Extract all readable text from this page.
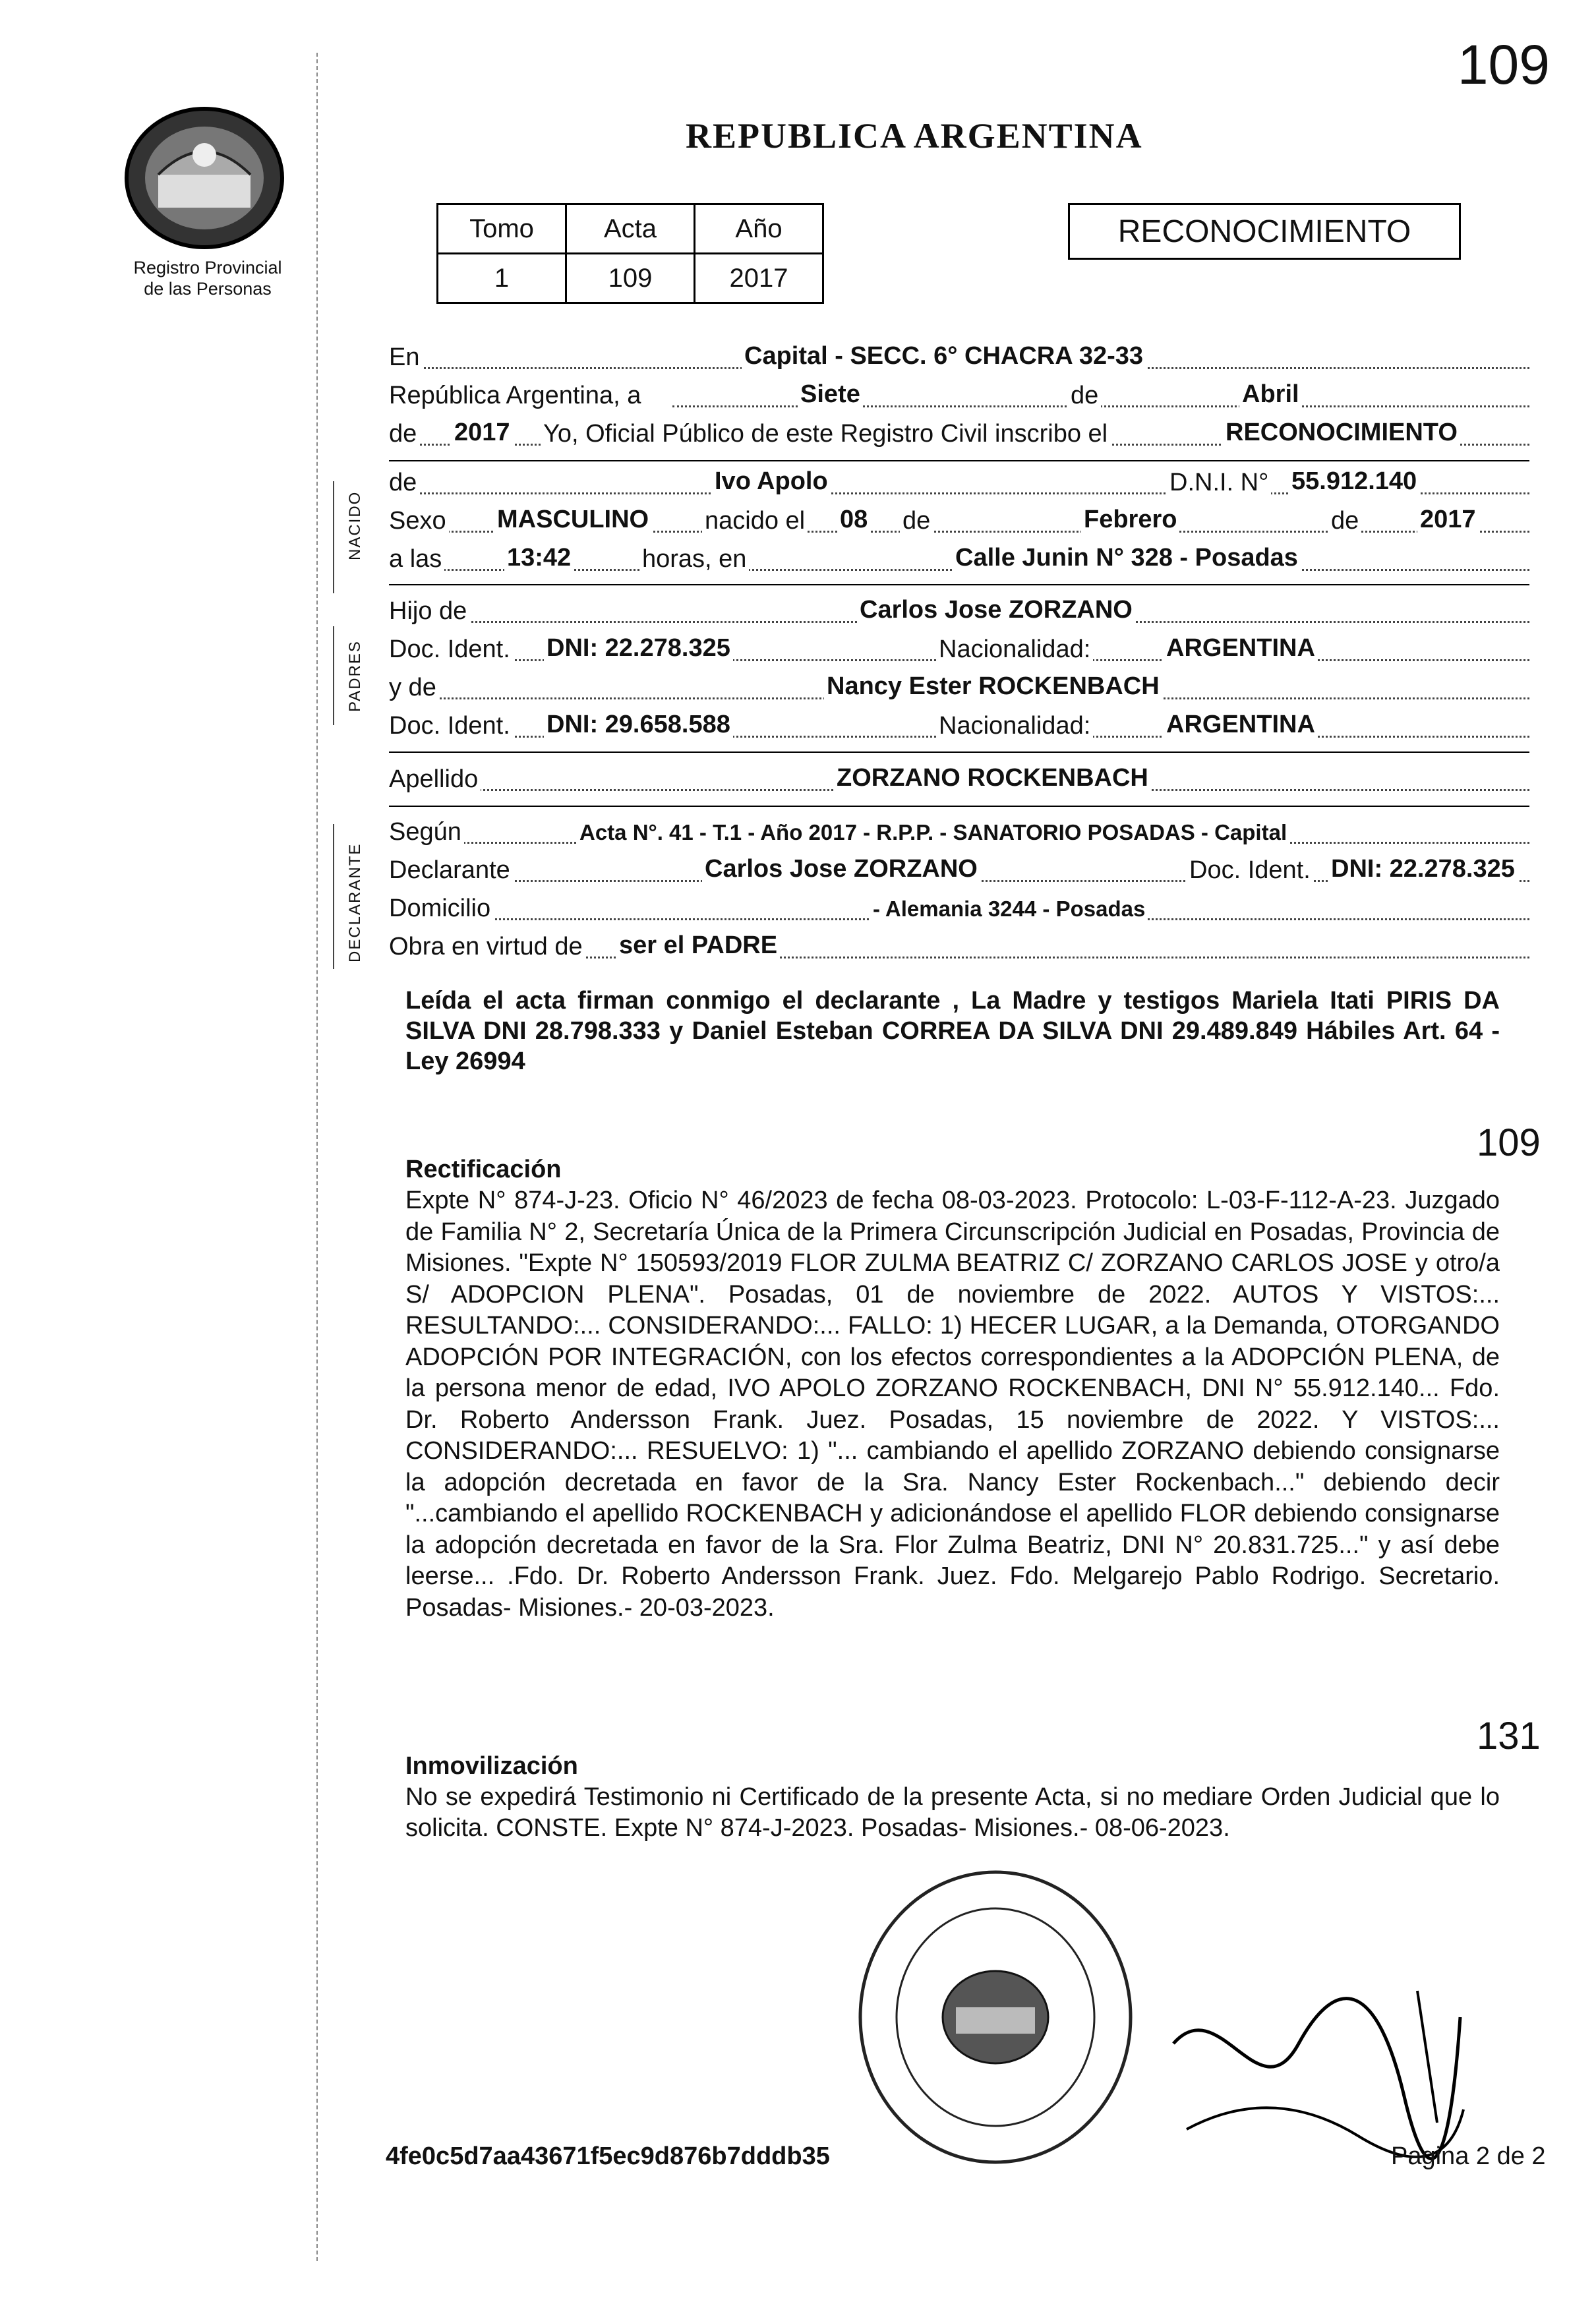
109
Registro Provincial
de las Personas
REPUBLICA ARGENTINA
Tomo	Acta	Año
1	109	2017
RECONOCIMIENTO
NACIDO
PADRES
DECLARANTE
En	Capital - SECC. 6° CHACRA 32-33
República Argentina, a	Siete	de	Abril
de 2017 Yo, Oficial Público de este Registro Civil inscribo el	RECONOCIMIENTO
de	Ivo Apolo	D.N.I. N° 55.912.140
Sexo MASCULINO nacido el 08 de	Febrero	de 2017
a las	13:42	horas, en	Calle Junin N° 328 - Posadas
Hijo de	Carlos Jose ZORZANO
Doc. Ident. DNI: 22.278.325	Nacionalidad:	ARGENTINA
y de	Nancy Ester ROCKENBACH
Doc. Ident. DNI: 29.658.588	Nacionalidad:	ARGENTINA
Apellido	ZORZANO ROCKENBACH
Según	Acta N°. 41 - T.1 - Año 2017 - R.P.P. - SANATORIO POSADAS - Capital
Declarante	Carlos Jose ZORZANO	Doc. Ident. DNI: 22.278.325
Domicilio	- Alemania 3244 - Posadas
Obra en virtud de ser el PADRE
Leída el acta firman conmigo el declarante , La Madre y testigos Mariela Itati PIRIS DA SILVA DNI 28.798.333 y Daniel Esteban CORREA DA SILVA DNI 29.489.849 Hábiles Art. 64 - Ley 26994
109
Rectificación
Expte N° 874-J-23. Oficio N° 46/2023 de fecha 08-03-2023. Protocolo: L-03-F-112-A-23. Juzgado de Familia N° 2, Secretaría Única de la Primera Circunscripción Judicial en Posadas, Provincia de Misiones. "Expte N° 150593/2019 FLOR ZULMA BEATRIZ C/ ZORZANO CARLOS JOSE y otro/a S/ ADOPCION PLENA". Posadas, 01 de noviembre de 2022. AUTOS Y VISTOS:... RESULTANDO:... CONSIDERANDO:... FALLO: 1) HECER LUGAR, a la Demanda, OTORGANDO ADOPCIÓN POR INTEGRACIÓN, con los efectos correspondientes a la ADOPCIÓN PLENA, de la persona menor de edad, IVO APOLO ZORZANO ROCKENBACH, DNI N° 55.912.140... Fdo. Dr. Roberto Andersson Frank. Juez. Posadas, 15 noviembre de 2022. Y VISTOS:... CONSIDERANDO:... RESUELVO: 1) "... cambiando el apellido ZORZANO debiendo consignarse la adopción decretada en favor de la Sra. Nancy Ester Rockenbach..." debiendo decir "...cambiando el apellido ROCKENBACH y adicionándose el apellido FLOR debiendo consignarse la adopción decretada en favor de la Sra. Flor Zulma Beatriz, DNI N° 20.831.725..." y así debe leerse... .Fdo. Dr. Roberto Andersson Frank. Juez. Fdo. Melgarejo Pablo Rodrigo. Secretario. Posadas- Misiones.- 20-03-2023.
131
Inmovilización
No se expedirá Testimonio ni Certificado de la presente Acta, si no mediare Orden Judicial que lo solicita. CONSTE. Expte N° 874-J-2023. Posadas- Misiones.- 08-06-2023.
4fe0c5d7aa43671f5ec9d876b7dddb35	Pagina 2 de 2
